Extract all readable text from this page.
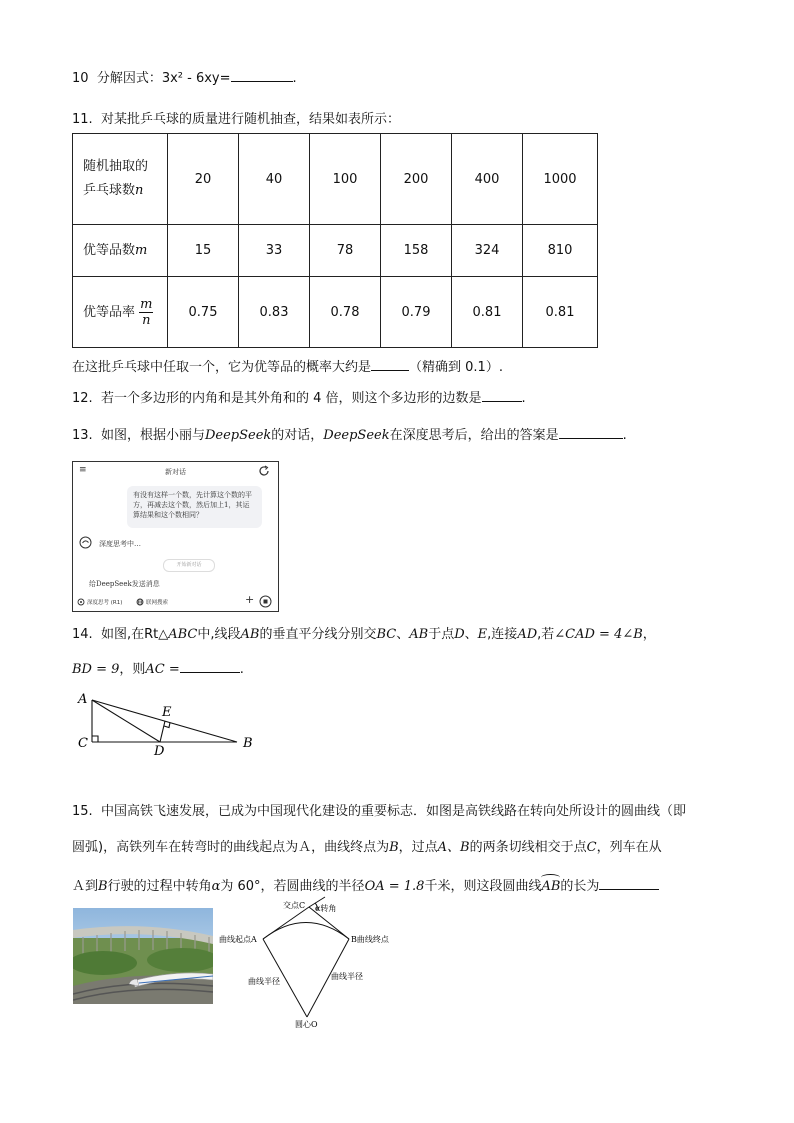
10 分解因式：3x² - 6xy=	.
11. 对某批乒乓球的质量进行随机抽查，结果如表所示：
随机抽取的
乒乓球数n	20	40	100	200	400	1000
优等品数m	15	33	78	158	324	810
优等品率 $\frac{m}{n}$	0.75	0.83	0.78	0.79	0.81	0.81
在这批乒乓球中任取一个，它为优等品的概率大约是	（精确到 0.1）.
12. 若一个多边形的内角和是其外角和的 4 倍，则这个多边形的边数是	.
13. 如图，根据小丽与DeepSeek的对话，DeepSeek在深度思考后，给出的答案是	.
≡	新对话
有没有这样一个数，先计算这个数的平方，再减去这个数，然后加上1，其运算结果和这个数相同？
深度思考中…
开始新对话
给DeepSeek发送消息
深度思考 (R1)	联网搜索	+
14. 如图,在Rt△ABC中,线段AB的垂直平分线分别交BC、AB于点D、E,连接AD,若∠CAD = 4∠B，
BD = 9，则AC =	.
A
C
E
D
B
15. 中国高铁飞速发展，已成为中国现代化建设的重要标志．如图是高铁线路在转向处所设计的圆曲线（即
圆弧)，高铁列车在转弯时的曲线起点为Ａ，曲线终点为B，过点A、B的两条切线相交于点C，列车在从
Ａ到B行驶的过程中转角α为 60°，若圆曲线的半径OA = 1.8千米，则这段圆曲线
AB的长为
交点C α转角
曲线起点A	B曲线终点
曲线半径
曲线半径
圆心O
